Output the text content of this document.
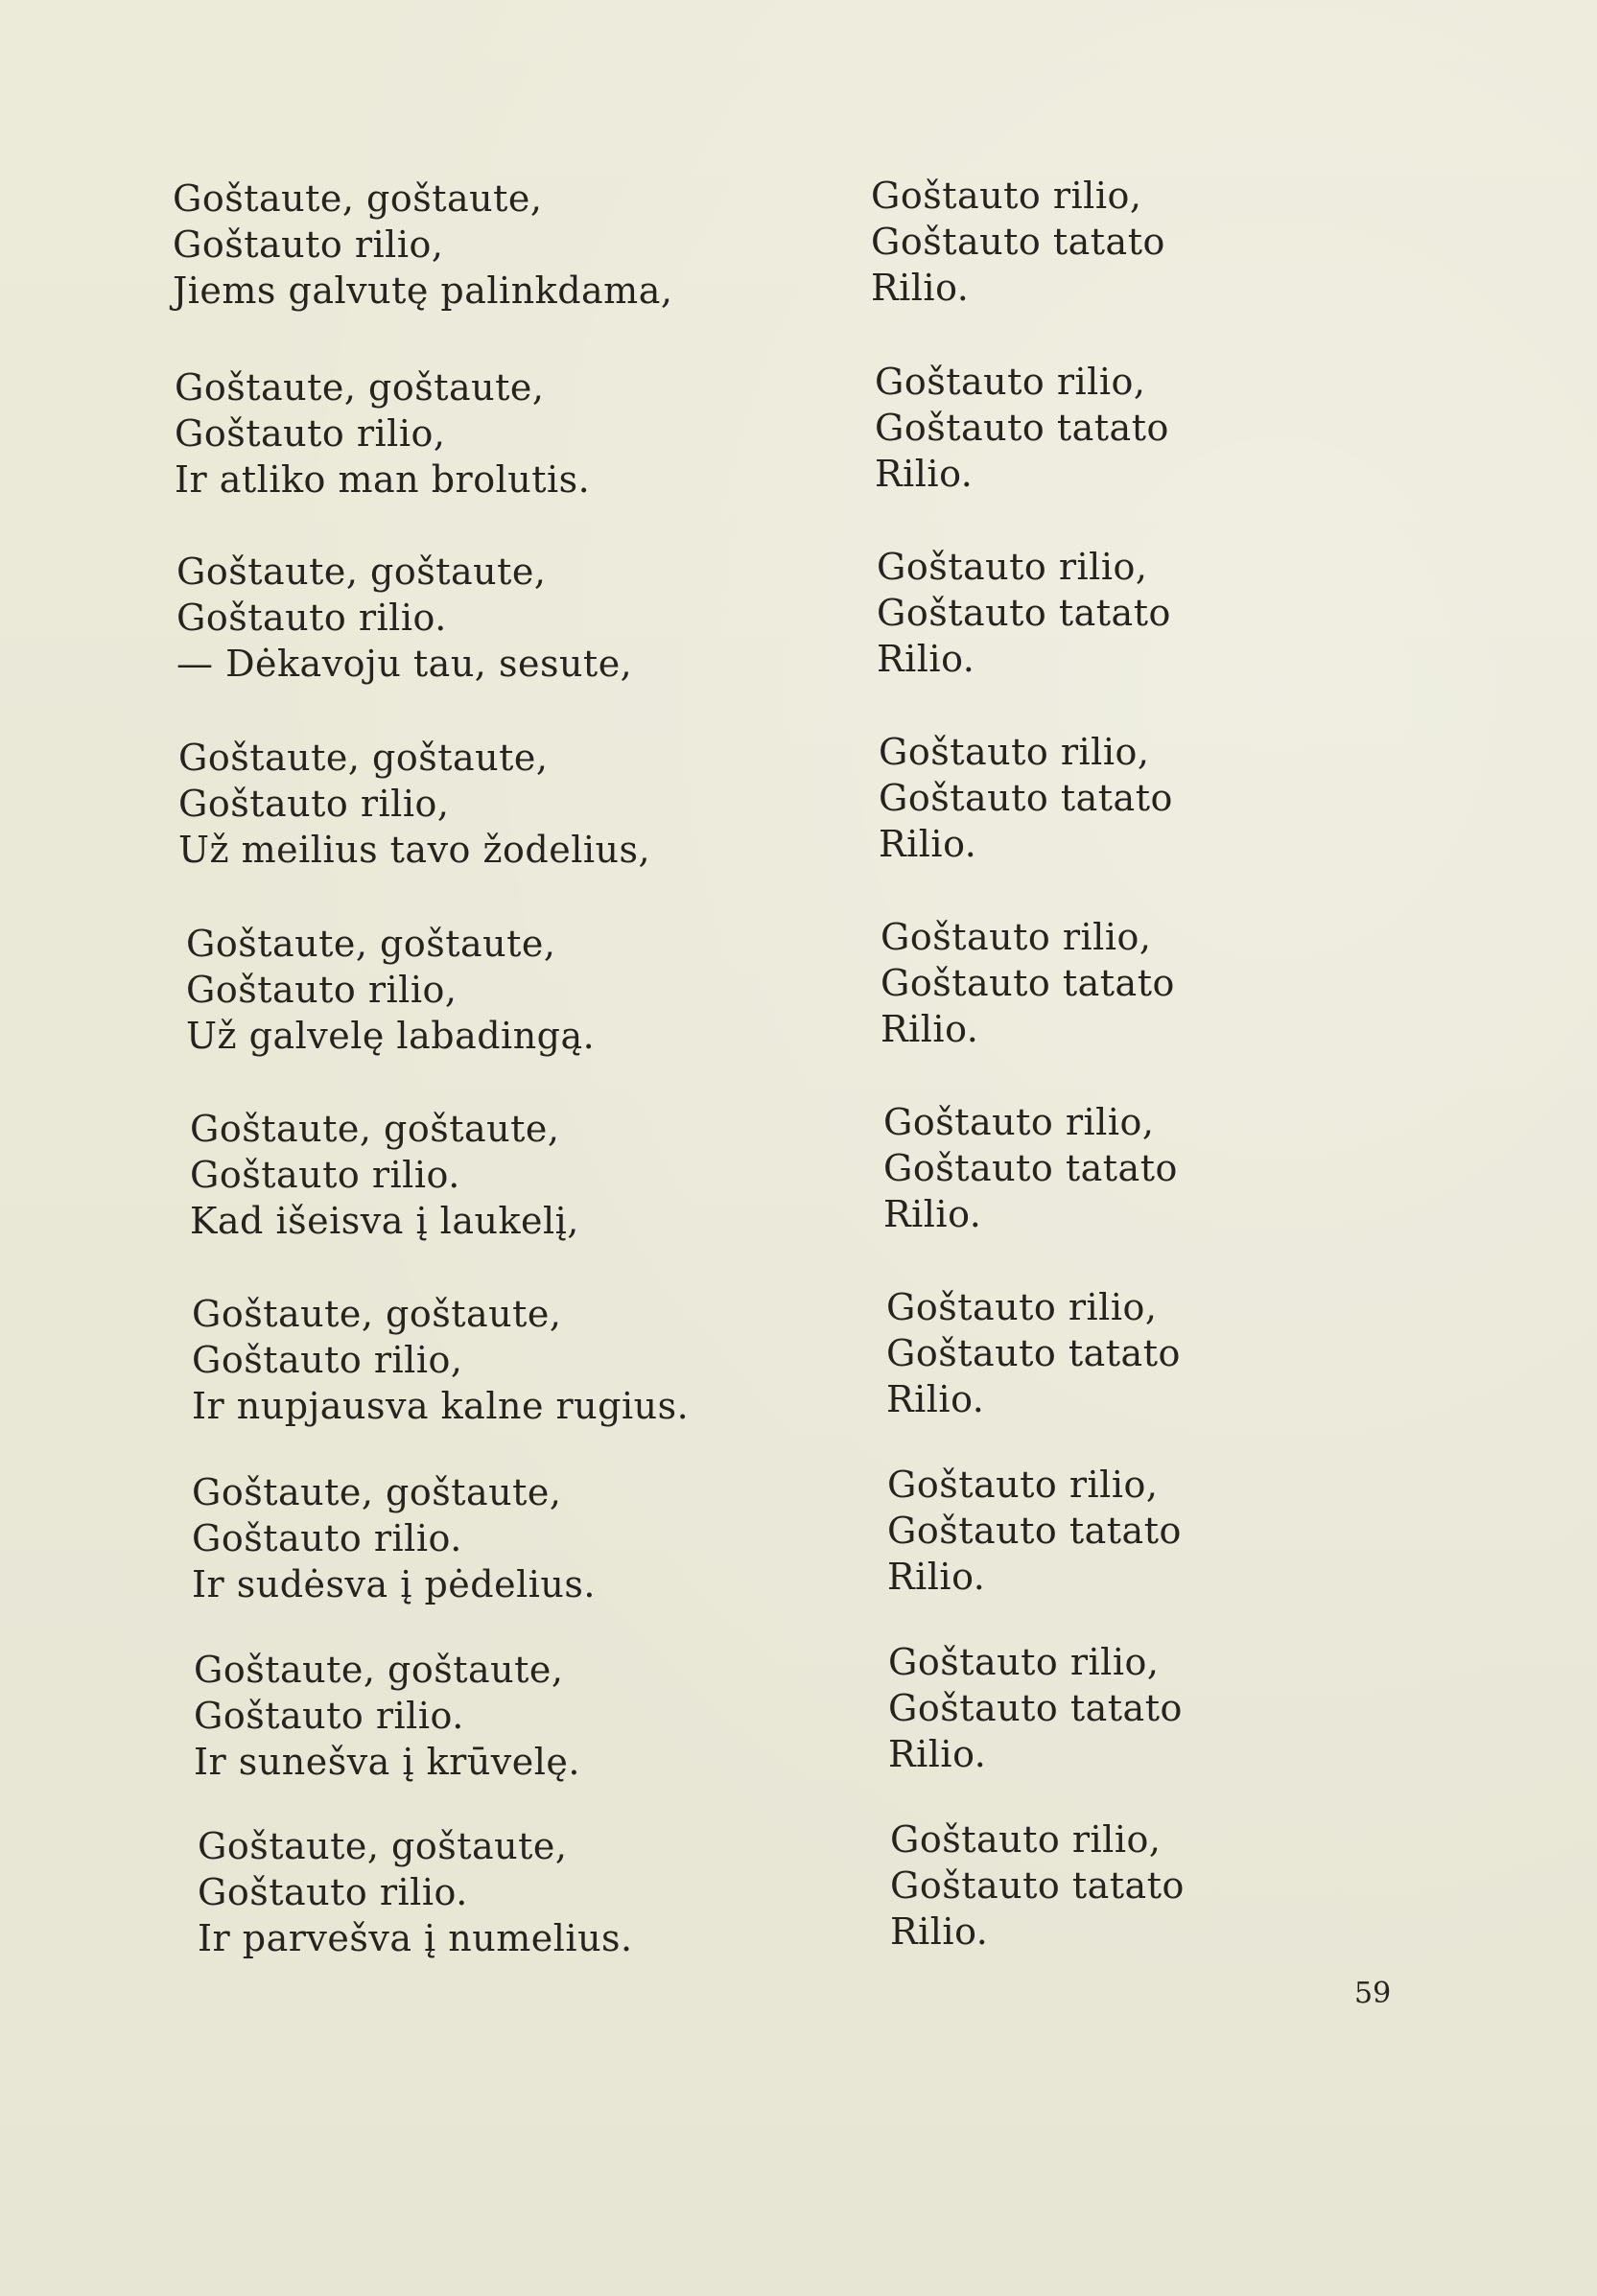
Goštaute, goštaute,
Goštauto rilio,
Jiems galvutę palinkdama,
Goštauto rilio,
Goštauto tatato
Rilio.
Goštaute, goštaute,
Goštauto rilio,
Ir atliko man brolutis.
Goštauto rilio,
Goštauto tatato
Rilio.
Goštaute, goštaute,
Goštauto rilio.
— Dėkavoju tau, sesute,
Goštauto rilio,
Goštauto tatato
Rilio.
Goštaute, goštaute,
Goštauto rilio,
Už meilius tavo žodelius,
Goštauto rilio,
Goštauto tatato
Rilio.
Goštaute, goštaute,
Goštauto rilio,
Už galvelę labadingą.
Goštauto rilio,
Goštauto tatato
Rilio.
Goštaute, goštaute,
Goštauto rilio.
Kad išeisva į laukelį,
Goštauto rilio,
Goštauto tatato
Rilio.
Goštaute, goštaute,
Goštauto rilio,
Ir nupjausva kalne rugius.
Goštauto rilio,
Goštauto tatato
Rilio.
Goštaute, goštaute,
Goštauto rilio.
Ir sudėsva į pėdelius.
Goštauto rilio,
Goštauto tatato
Rilio.
Goštaute, goštaute,
Goštauto rilio.
Ir sunešva į krūvelę.
Goštauto rilio,
Goštauto tatato
Rilio.
Goštaute, goštaute,
Goštauto rilio.
Ir parvešva į numelius.
Goštauto rilio,
Goštauto tatato
Rilio.
59
